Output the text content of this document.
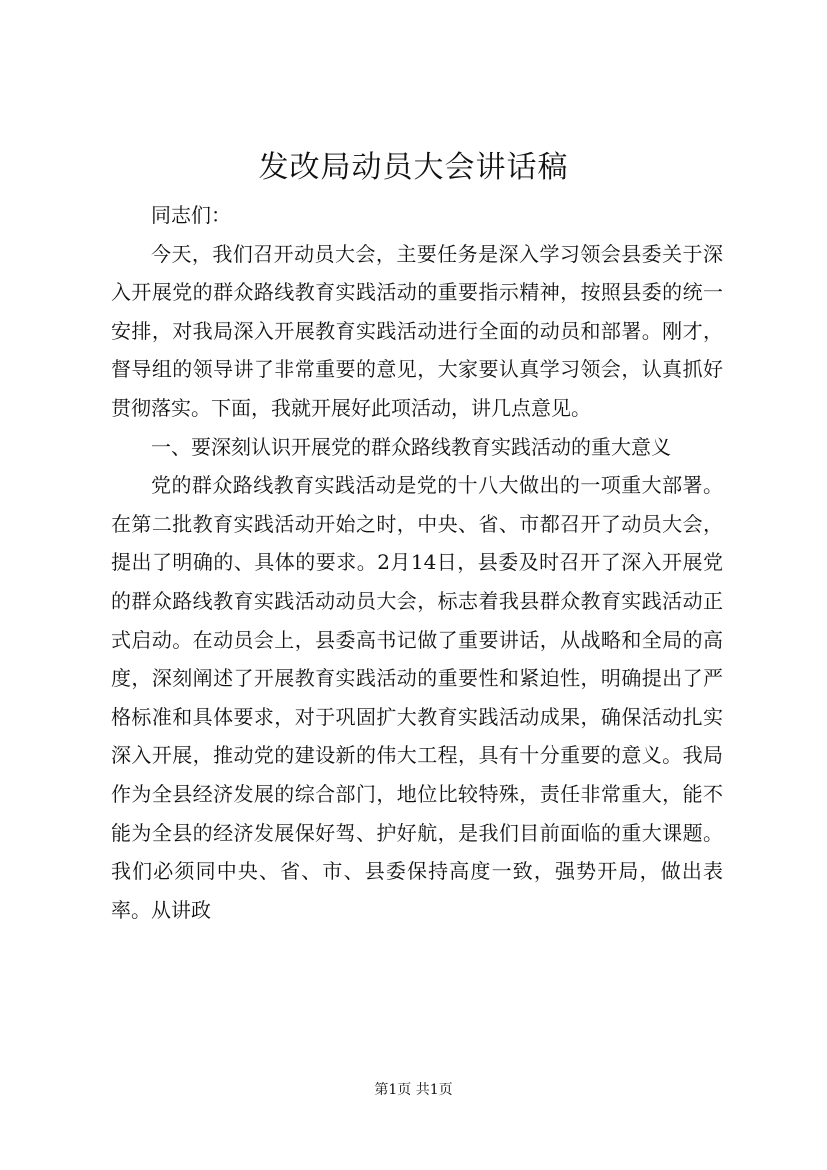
发改局动员大会讲话稿

同志们：

今天，我们召开动员大会，主要任务是深入学习领会县委关于深入开展党的群众路线教育实践活动的重要指示精神，按照县委的统一安排，对我局深入开展教育实践活动进行全面的动员和部署。刚才，督导组的领导讲了非常重要的意见，大家要认真学习领会，认真抓好贯彻落实。下面，我就开展好此项活动，讲几点意见。

一、要深刻认识开展党的群众路线教育实践活动的重大意义

党的群众路线教育实践活动是党的十八大做出的一项重大部署。在第二批教育实践活动开始之时，中央、省、市都召开了动员大会，提出了明确的、具体的要求。2月14日，县委及时召开了深入开展党的群众路线教育实践活动动员大会，标志着我县群众教育实践活动正式启动。在动员会上，县委高书记做了重要讲话，从战略和全局的高度，深刻阐述了开展教育实践活动的重要性和紧迫性，明确提出了严格标准和具体要求，对于巩固扩大教育实践活动成果，确保活动扎实深入开展，推动党的建设新的伟大工程，具有十分重要的意义。我局作为全县经济发展的综合部门，地位比较特殊，责任非常重大，能不能为全县的经济发展保好驾、护好航，是我们目前面临的重大课题。我们必须同中央、省、市、县委保持高度一致，强势开局，做出表率。从讲政

第1页 共1页
